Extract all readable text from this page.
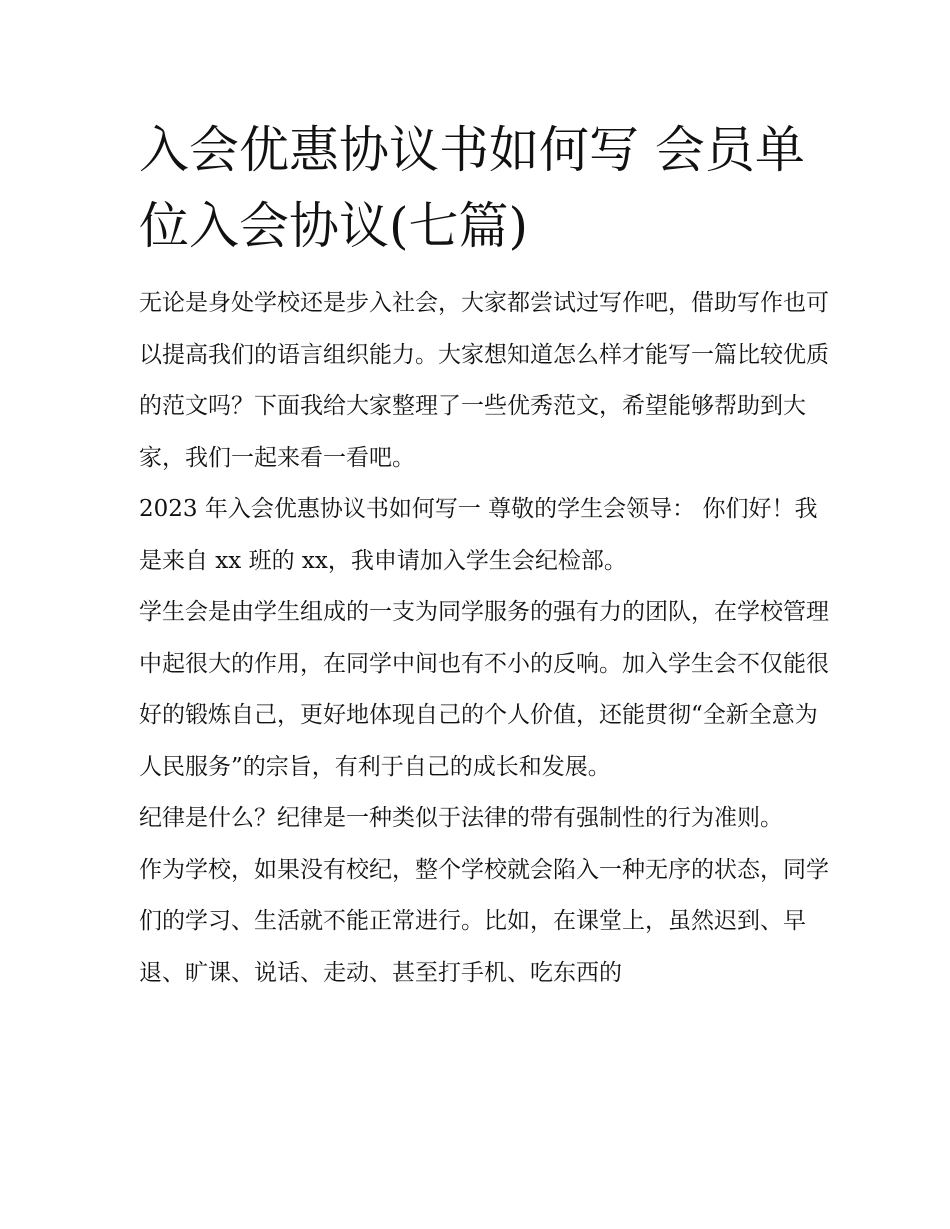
入会优惠协议书如何写 会员单位入会协议(七篇)

无论是身处学校还是步入社会，大家都尝试过写作吧，借助写作也可以提高我们的语言组织能力。大家想知道怎么样才能写一篇比较优质的范文吗？下面我给大家整理了一些优秀范文，希望能够帮助到大家，我们一起来看一看吧。

2023 年入会优惠协议书如何写一 尊敬的学生会领导： 你们好！我是来自 xx 班的 xx，我申请加入学生会纪检部。

学生会是由学生组成的一支为同学服务的强有力的团队，在学校管理中起很大的作用，在同学中间也有不小的反响。加入学生会不仅能很好的锻炼自己，更好地体现自己的个人价值，还能贯彻“全新全意为人民服务”的宗旨，有利于自己的成长和发展。

纪律是什么？纪律是一种类似于法律的带有强制性的行为准则。

作为学校，如果没有校纪，整个学校就会陷入一种无序的状态，同学们的学习、生活就不能正常进行。比如，在课堂上，虽然迟到、早退、旷课、说话、走动、甚至打手机、吃东西的
